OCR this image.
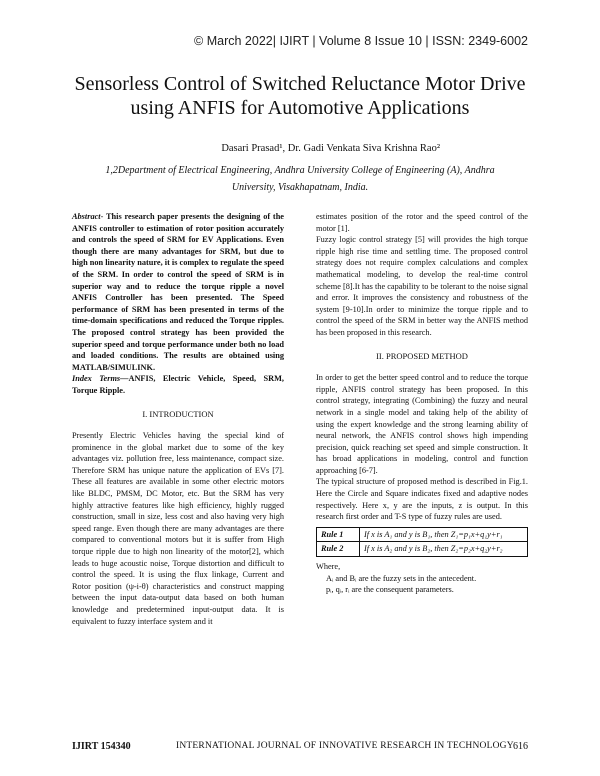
© March 2022| IJIRT | Volume 8 Issue 10 | ISSN: 2349-6002
Sensorless Control of Switched Reluctance Motor Drive
using ANFIS for Automotive Applications
Dasari Prasad¹, Dr. Gadi Venkata Siva Krishna Rao²
1,2Department of Electrical Engineering, Andhra University College of Engineering (A), Andhra
University, Visakhapatnam, India.

Abstract- This research paper presents the designing of the ANFIS controller to estimation of rotor position accurately and controls the speed of SRM for EV Applications. Even though there are many advantages for SRM, but due to high non linearity nature, it is complex to regulate the speed of the SRM. In order to control the speed of SRM is in superior way and to reduce the torque ripple a novel ANFIS Controller has been presented. The Speed performance of SRM has been presented in terms of the time-domain specifications and reduced the Torque ripples. The proposed control strategy has been provided the superior speed and torque performance under both no load and loaded conditions. The results are obtained using MATLAB/SIMULINK.

Index Terms—ANFIS, Electric Vehicle, Speed, SRM, Torque Ripple.

I. INTRODUCTION

Presently Electric Vehicles having the special kind of prominence in the global market due to some of the key advantages viz. pollution free, less maintenance, compact size. Therefore SRM has unique nature the application of EVs [7]. These all features are available in some other electric motors like BLDC, PMSM, DC Motor, etc. But the SRM has very highly attractive features like high efficiency, highly rugged construction, small in size, less cost and also having very high speed range. Even though there are many advantages are there compared to conventional motors but it is suffer from High torque ripple due to high non linearity of the motor[2], which leads to huge acoustic noise, Torque distortion and difficult to control the speed. It is using the flux linkage, Current and Rotor position (ψ-i-θ) characteristics and construct mapping between the input data-output data based on both human knowledge and predetermined input-output data. It is equivalent to fuzzy interface system and it

estimates position of the rotor and the speed control of the motor [1].

Fuzzy logic control strategy [5] will provides the high torque ripple high rise time and settling time. The proposed control strategy does not require complex calculations and complex mathematical modeling, to develop the real-time control scheme [8].It has the capability to be tolerant to the noise signal and error. It improves the consistency and robustness of the system [9-10].In order to minimize the torque ripple and to control the speed of the SRM in better way the ANFIS method has been proposed in this research.

II. PROPOSED METHOD

In order to get the better speed control and to reduce the torque ripple, ANFIS control strategy has been proposed. In this control strategy, integrating (Combining) the fuzzy and neural network in a single model and taking help of the ability of using the expert knowledge and the strong learning ability of neural network, the ANFIS control shows high impending precision, quick reaching set speed and simple construction. It has broad applications in modeling, control and function approaching [6-7].

The typical structure of proposed method is described in Fig.1. Here the Circle and Square indicates fixed and adaptive nodes respectively. Here x, y are the inputs, z is output. In this research first order and T-S type of fuzzy rules are used.

Rule 1	If x is A₁ and y is B₁, then Z₁=p₁x+q₁y+r₁
Rule 2	If x is A₂ and y is B₂, then Z₂=p₂x+q₂y+r₂

Where,

Aᵢ and Bᵢ are the fuzzy sets in the antecedent.

pᵢ, qᵢ, rᵢ are the consequent parameters.

IJIRT 154340	INTERNATIONAL JOURNAL OF INNOVATIVE RESEARCH IN TECHNOLOGY 616
